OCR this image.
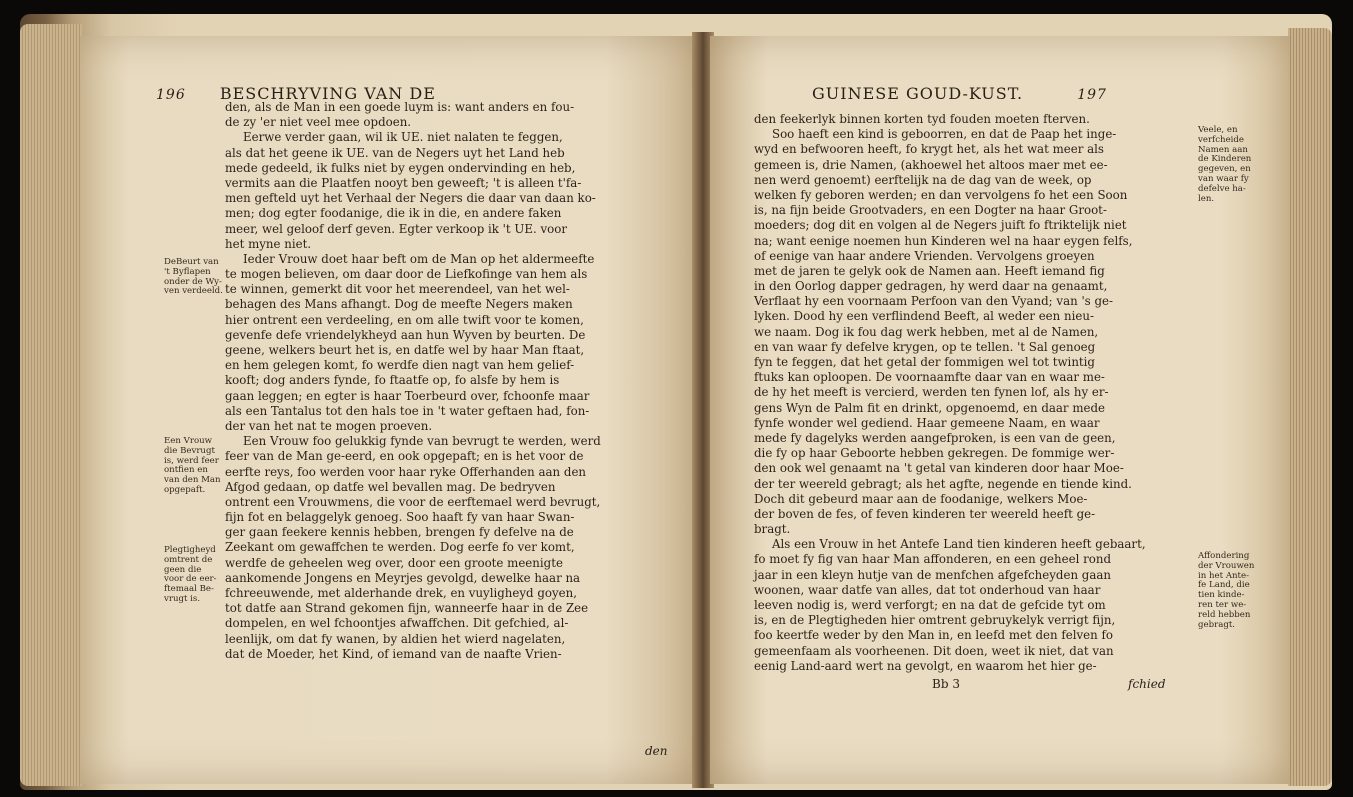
196 BESCHRYVING VAN DE
den, als de Man in een goede luym is: want anders en fou-
de zy 'er niet veel mee opdoen.
Eerwe verder gaan, wil ik UE. niet nalaten te feggen,
als dat het geene ik UE. van de Negers uyt het Land heb
mede gedeeld, ik fulks niet by eygen ondervinding en heb,
vermits aan die Plaatfen nooyt ben geweeft; 't is alleen t'fa-
men gefteld uyt het Verhaal der Negers die daar van daan ko-
men; dog egter foodanige, die ik in die, en andere faken
meer, wel geloof derf geven. Egter verkoop ik 't UE. voor
het myne niet.
Ieder Vrouw doet haar beft om de Man op het aldermeefte
te mogen believen, om daar door de Liefkofinge van hem als
te winnen, gemerkt dit voor het meerendeel, van het wel-
behagen des Mans afhangt. Dog de meefte Negers maken
hier ontrent een verdeeling, en om alle twift voor te komen,
gevenfe defe vriendelykheyd aan hun Wyven by beurten. De
geene, welkers beurt het is, en datfe wel by haar Man ftaat,
en hem gelegen komt, fo werdfe dien nagt van hem gelief-
kooft; dog anders fynde, fo ftaatfe op, fo alsfe by hem is
gaan leggen; en egter is haar Toerbeurd over, fchoonfe maar
als een Tantalus tot den hals toe in 't water geftaen had, fon-
der van het nat te mogen proeven.
Een Vrouw foo gelukkig fynde van bevrugt te werden, werd
feer van de Man ge-eerd, en ook opgepaft; en is het voor de
eerfte reys, foo werden voor haar ryke Offerhanden aan den
Afgod gedaan, op datfe wel bevallen mag. De bedryven
ontrent een Vrouwmens, die voor de eerftemael werd bevrugt,
fijn fot en belaggelyk genoeg. Soo haaft fy van haar Swan-
ger gaan feekere kennis hebben, brengen fy defelve na de
Zeekant om gewaffchen te werden. Dog eerfe fo ver komt,
werdfe de geheelen weg over, door een groote meenigte
aankomende Jongens en Meyrjes gevolgd, dewelke haar na
fchreeuwende, met alderhande drek, en vuyligheyd goyen,
tot datfe aan Strand gekomen fijn, wanneerfe haar in de Zee
dompelen, en wel fchoontjes afwaffchen. Dit gefchied, al-
leenlijk, om dat fy wanen, by aldien het wierd nagelaten,
dat de Moeder, het Kind, of iemand van de naafte Vrien-
den
DeBeurt van
't Byflapen
onder de Wy-
ven verdeeld.
Een Vrouw
die Bevrugt
is, werd feer
ontfien en
van den Man
opgepaft.
Plegtigheyd
omtrent de
geen die
voor de eer-
ftemaal Be-
vrugt is.
GUINESE GOUD-KUST.	197
den feekerlyk binnen korten tyd fouden moeten fterven.
Soo haeft een kind is geboorren, en dat de Paap het inge-
wyd en befwooren heeft, fo krygt het, als het wat meer als
gemeen is, drie Namen, (akhoewel het altoos maer met ee-
nen werd genoemt) eerftelijk na de dag van de week, op
welken fy geboren werden; en dan vervolgens fo het een Soon
is, na fijn beide Grootvaders, en een Dogter na haar Groot-
moeders; dog dit en volgen al de Negers juift fo ftriktelijk niet
na; want eenige noemen hun Kinderen wel na haar eygen felfs,
of eenige van haar andere Vrienden. Vervolgens groeyen
met de jaren te gelyk ook de Namen aan. Heeft iemand fig
in den Oorlog dapper gedragen, hy werd daar na genaamt,
Verflaat hy een voornaam Perfoon van den Vyand; van 's ge-
lyken. Dood hy een verflindend Beeft, al weder een nieu-
we naam. Dog ik fou dag werk hebben, met al de Namen,
en van waar fy defelve krygen, op te tellen. 't Sal genoeg
fyn te feggen, dat het getal der fommigen wel tot twintig
ftuks kan oploopen. De voornaamfte daar van en waar me-
de hy het meeft is vercierd, werden ten fynen lof, als hy er-
gens Wyn de Palm fit en drinkt, opgenoemd, en daar mede
fynfe wonder wel gediend. Haar gemeene Naam, en waar
mede fy dagelyks werden aangefproken, is een van de geen,
die fy op haar Geboorte hebben gekregen. De fommige wer-
den ook wel genaamt na 't getal van kinderen door haar Moe-
der ter weereld gebragt; als het agfte, negende en tiende kind.
Doch dit gebeurd maar aan de foodanige, welkers Moe-
der boven de fes, of feven kinderen ter weereld heeft ge-
bragt.
Als een Vrouw in het Antefe Land tien kinderen heeft gebaart,
fo moet fy fig van haar Man affonderen, en een geheel rond
jaar in een kleyn hutje van de menfchen afgefcheyden gaan
woonen, waar datfe van alles, dat tot onderhoud van haar
leeven nodig is, werd verforgt; en na dat de gefcide tyt om
is, en de Plegtigheden hier omtrent gebruykelyk verrigt fijn,
foo keertfe weder by den Man in, en leefd met den felven fo
gemeenfaam als voorheenen. Dit doen, weet ik niet, dat van
eenig Land-aard wert na gevolgt, en waarom het hier ge-
Bb 3	fchied
Veele, en
verfcheide
Namen aan
de Kinderen
gegeven, en
van waar fy
defelve ha-
len.
Affondering
der Vrouwen
in het Ante-
fe Land, die
tien kinde-
ren ter we-
reld hebben
gebragt.
